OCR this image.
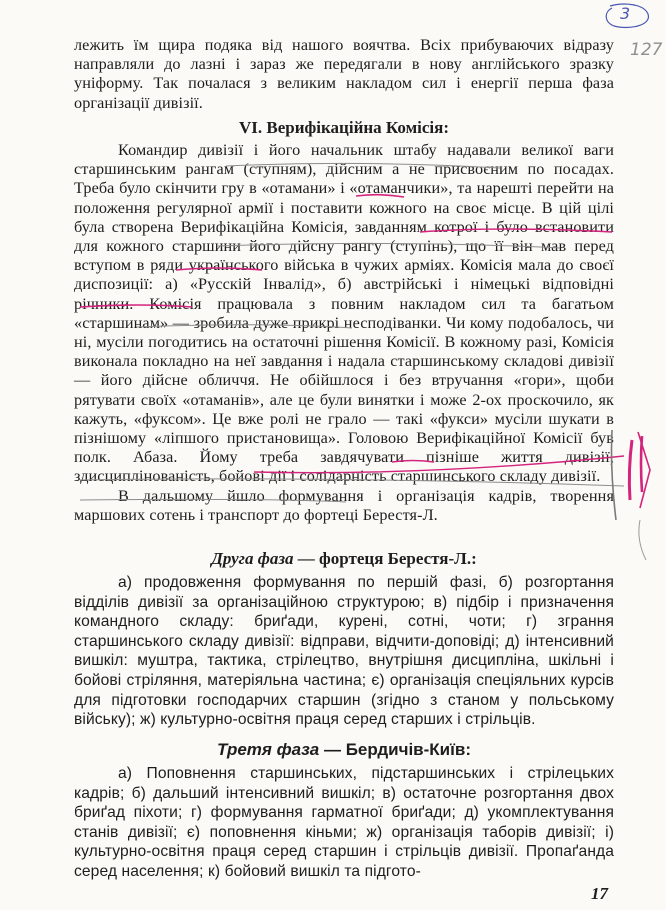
3
127

лежить їм щира подяка від нашого воячтва. Всіх прибуваючих відразу направляли до лазні і зараз же передягали в нову англійського зразку уніформу. Так почалася з великим накладом сил і енергії перша фаза організації дивізії.

VI. Верифікаційна Комісія:

Командир дивізії і його начальник штабу надавали великої ваги старшинським рангам (ступням), дійсним а не присвоєним по посадах. Треба було скінчити гру в «отамани» і «отаманчики», та нарешті перейти на положення регулярної армії і поставити кожного на своє місце. В цій цілі була створена Верифікаційна Комісія, завданням котрої і було встановити для кожного старшини його дійсну рангу (ступінь), що її він мав перед вступом в ряди українського війська в чужих арміях. Комісія мала до своєї диспозиції: а) «Русскій Інвалід», б) австрійські і німецькі відповідні річники. Комісія працювала з повним накладом сил та багатьом «старшинам» — зробила дуже прикрі несподіванки. Чи кому подобалось, чи ні, мусіли погодитись на остаточні рішення Комісії. В кожному разі, Комісія виконала покладно на неї завдання і надала старшинському складові дивізії — його дійсне обличчя. Не обійшлося і без втручання «гори», щоби рятувати своїх «отаманів», але це були винятки і може 2-ох проскочило, як кажуть, «фуксом». Це вже ролі не грало — такі «фукси» мусіли шукати в пізнішому «ліпшого пристановища». Головою Верифікаційної Комісії був полк. Абаза. Йому треба завдячувати пізніше життя дивізії, здисциплінованість, бойові дії і солідарність старшинського складу дивізії.

В дальшому йшло формування і організація кадрів, творення маршових сотень і транспорт до фортеці Берестя-Л.

Друга фаза — фортеця Берестя-Л.:

а) продовження формування по першій фазі, б) розгортання відділів дивізії за організаційною структурою; в) підбір і призначення командного складу: бриґади, курені, сотні, чоти; г) зграння старшинського складу дивізії: відправи, відчити-доповіді; д) інтенсивний вишкіл: муштра, тактика, стрілецтво, внутрішня дисципліна, шкільні і бойові стріляння, матеріяльна частина; є) організація спеціяльних курсів для підготовки господарчих старшин (згідно з станом у польському війську); ж) культурно-освітня праця серед старших і стрільців.

Третя фаза — Бердичів-Київ:

а) Поповнення старшинських, підстаршинських і стрілецьких кадрів; б) дальший інтенсивний вишкіл; в) остаточне розгортання двох бриґад піхоти; г) формування гарматної бриґади; д) укомплектування станів дивізії; є) поповнення кіньми; ж) організація таборів дивізії; і) культурно-освітня праця серед старшин і стрільців дивізії. Пропаґанда серед населення; к) бойовий вишкіл та підгото-

17
